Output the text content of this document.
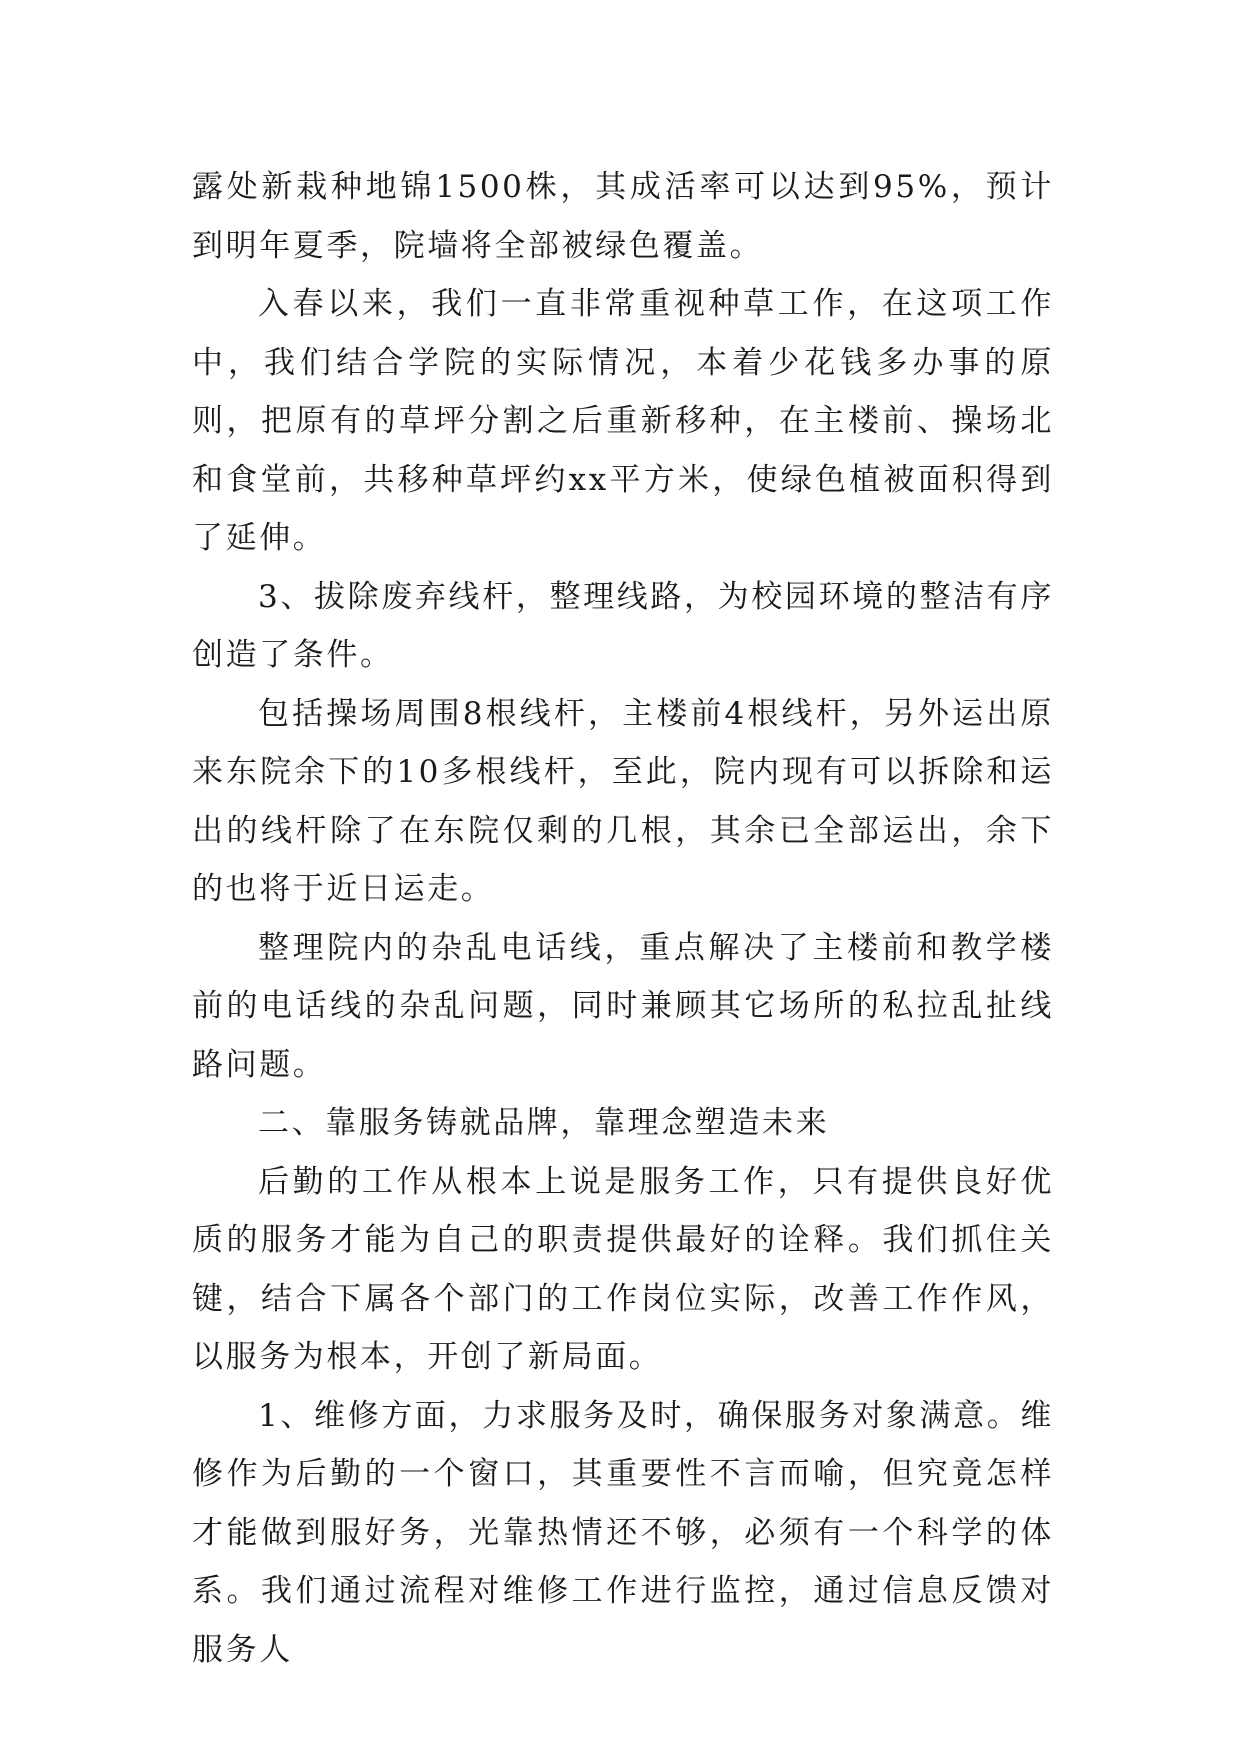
露处新栽种地锦1500株，其成活率可以达到95%，预计到明年夏季，院墙将全部被绿色覆盖。

入春以来，我们一直非常重视种草工作，在这项工作中，我们结合学院的实际情况，本着少花钱多办事的原则，把原有的草坪分割之后重新移种，在主楼前、操场北和食堂前，共移种草坪约xx平方米，使绿色植被面积得到了延伸。

3、拔除废弃线杆，整理线路，为校园环境的整洁有序创造了条件。

包括操场周围8根线杆，主楼前4根线杆，另外运出原来东院余下的10多根线杆，至此，院内现有可以拆除和运出的线杆除了在东院仅剩的几根，其余已全部运出，余下的也将于近日运走。

整理院内的杂乱电话线，重点解决了主楼前和教学楼前的电话线的杂乱问题，同时兼顾其它场所的私拉乱扯线路问题。

二、靠服务铸就品牌，靠理念塑造未来

后勤的工作从根本上说是服务工作，只有提供良好优质的服务才能为自己的职责提供最好的诠释。我们抓住关键，结合下属各个部门的工作岗位实际，改善工作作风，以服务为根本，开创了新局面。

1、维修方面，力求服务及时，确保服务对象满意。维修作为后勤的一个窗口，其重要性不言而喻，但究竟怎样才能做到服好务，光靠热情还不够，必须有一个科学的体系。我们通过流程对维修工作进行监控，通过信息反馈对服务人
